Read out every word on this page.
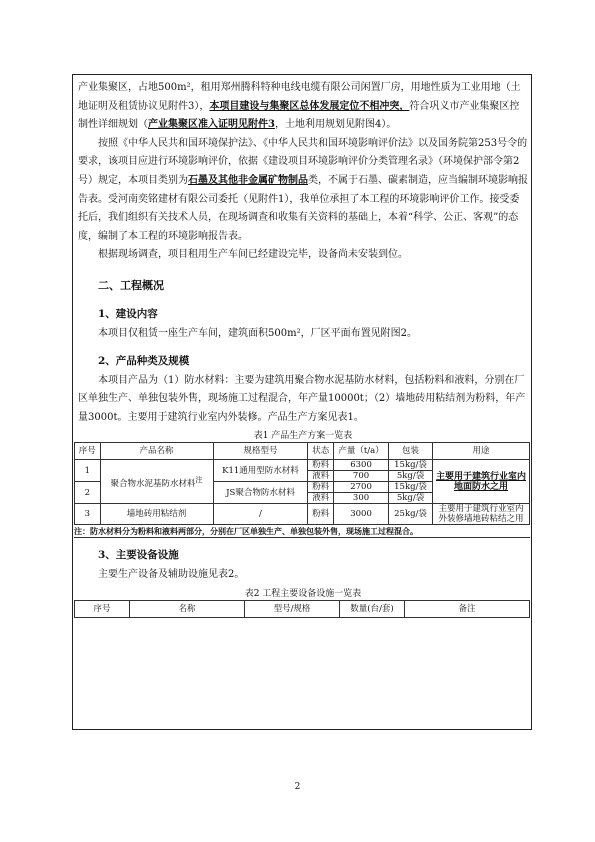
产业集聚区，占地500m²，租用郑州腾科特种电线电缆有限公司闲置厂房，用地性质为工业用地（土地证明及租赁协议见附件3），本项目建设与集聚区总体发展定位不相冲突，符合巩义市产业集聚区控制性详细规划（产业集聚区准入证明见附件3，土地利用规划见附图4）。

按照《中华人民共和国环境保护法》、《中华人民共和国环境影响评价法》以及国务院第253号令的要求，该项目应进行环境影响评价，依据《建设项目环境影响评价分类管理名录》（环境保护部令第2号）规定，本项目类别为石墨及其他非金属矿物制品类，不属于石墨、碳素制造，应当编制环境影响报告表。受河南奕铭建材有限公司委托（见附件1），我单位承担了本工程的环境影响评价工作。接受委托后，我们组织有关技术人员，在现场调查和收集有关资料的基础上，本着“科学、公正、客观”的态度，编制了本工程的环境影响报告表。

根据现场调查，项目租用生产车间已经建设完毕，设备尚未安装到位。

二、工程概况
1、建设内容

本项目仅租赁一座生产车间，建筑面积500m²，厂区平面布置见附图2。

2、产品种类及规模

本项目产品为（1）防水材料：主要为建筑用聚合物水泥基防水材料，包括粉料和液料，分别在厂区单独生产、单独包装外售，现场施工过程混合，年产量10000t；（2）墙地砖用粘结剂为粉料，年产量3000t。主要用于建筑行业室内外装修。产品生产方案见表1。

表1 产品生产方案一览表
序号	产品名称	规格型号	状态	产量（t/a）	包装	用途
1	聚合物水泥基防水材料$^注$	K11通用型防水材料	粉料	6300	15kg/袋	主要用于建筑行业室内地面防水之用
			液料	700	5kg/袋	
2		JS聚合物防水材料	粉料	2700	15kg/袋	
			液料	300	5kg/袋	
3	墙地砖用粘结剂	/	粉料	3000	25kg/袋	主要用于建筑行业室内外装修墙地砖粘结之用
注：防水材料分为粉料和液料两部分，分别在厂区单独生产、单独包装外售，现场施工过程混合。
3、主要设备设施

主要生产设备及辅助设施见表2。

表2 工程主要设备设施一览表
序号	名称	型号/规格	数量(台/套)	备注
2
